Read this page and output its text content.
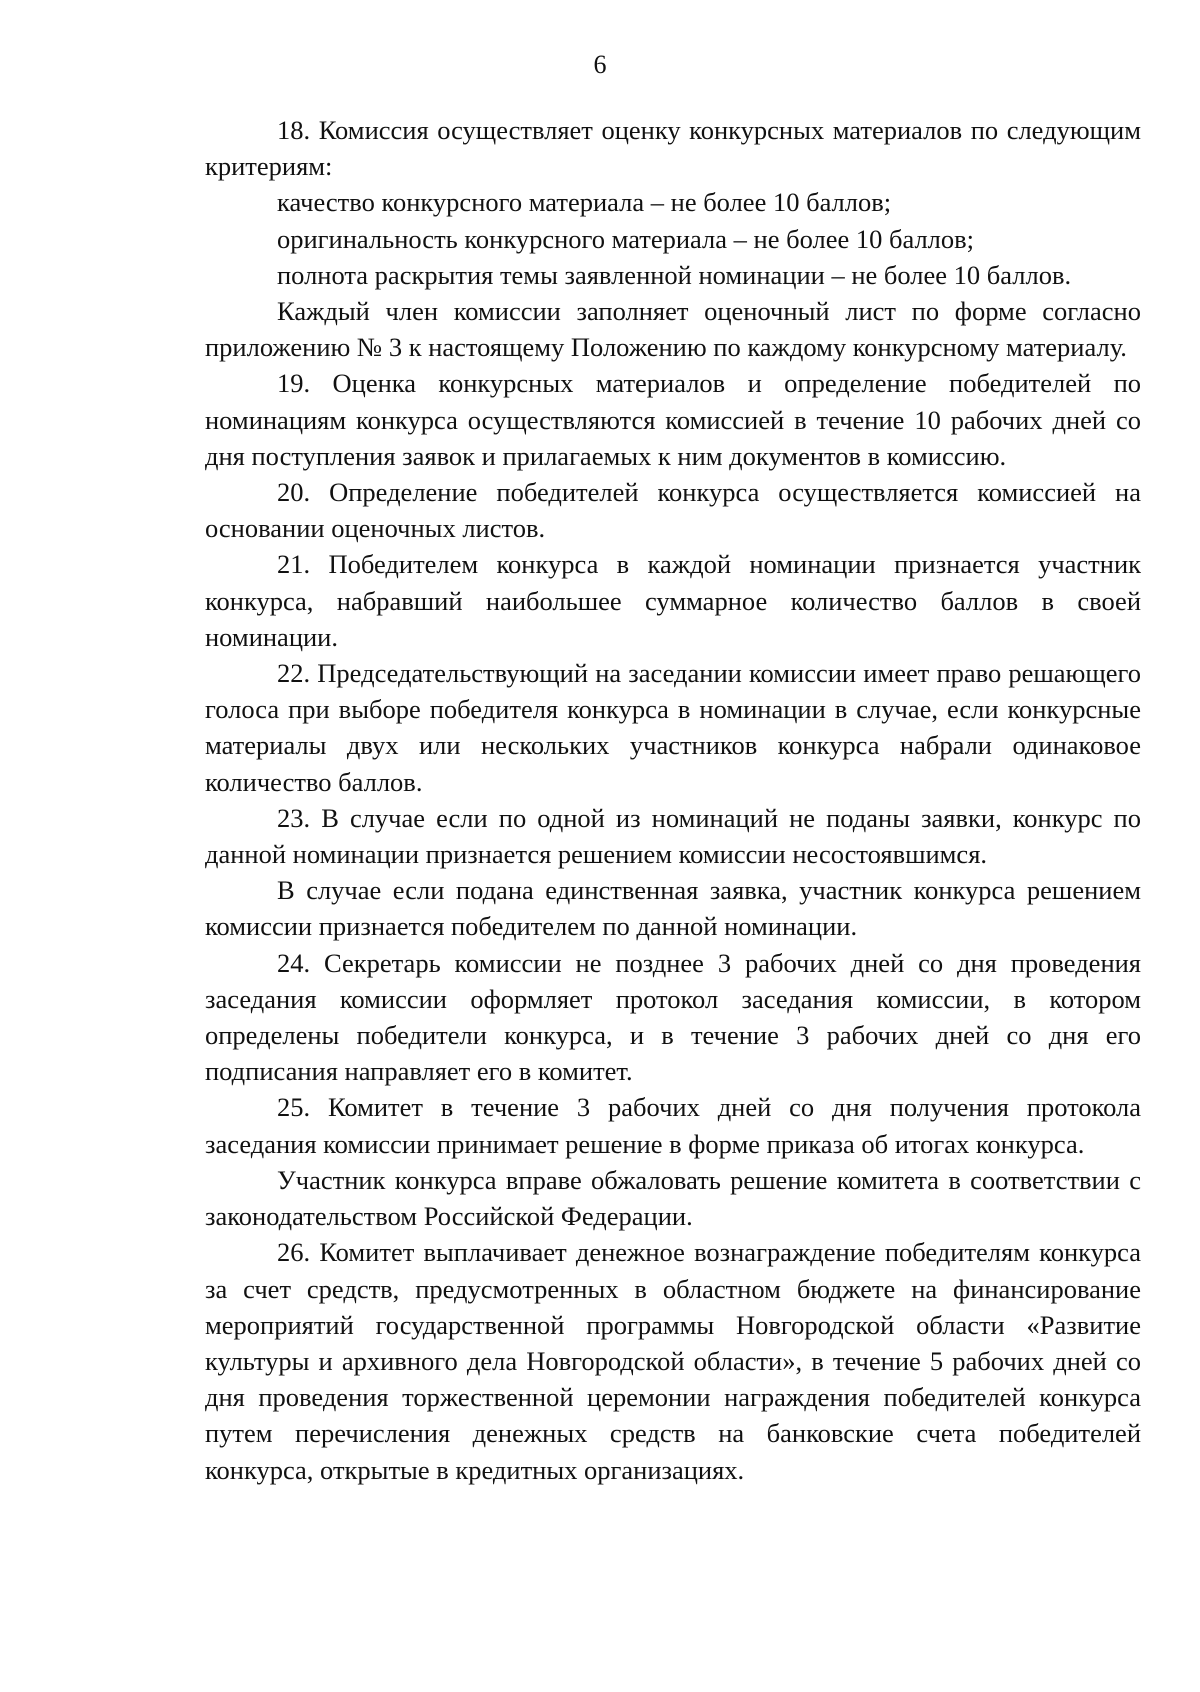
6

18. Комиссия осуществляет оценку конкурсных материалов по следующим критериям:

качество конкурсного материала – не более 10 баллов;

оригинальность конкурсного материала – не более 10 баллов;

полнота раскрытия темы заявленной номинации – не более 10 баллов.

Каждый член комиссии заполняет оценочный лист по форме согласно приложению № 3 к настоящему Положению по каждому конкурсному материалу.

19. Оценка конкурсных материалов и определение победителей по номинациям конкурса осуществляются комиссией в течение 10 рабочих дней со дня поступления заявок и прилагаемых к ним документов в комиссию.

20. Определение победителей конкурса осуществляется комиссией на основании оценочных листов.

21. Победителем конкурса в каждой номинации признается участник конкурса, набравший наибольшее суммарное количество баллов в своей номинации.

22. Председательствующий на заседании комиссии имеет право решающего голоса при выборе победителя конкурса в номинации в случае, если конкурсные материалы двух или нескольких участников конкурса набрали одинаковое количество баллов.

23. В случае если по одной из номинаций не поданы заявки, конкурс по данной номинации признается решением комиссии несостоявшимся.

В случае если подана единственная заявка, участник конкурса решением комиссии признается победителем по данной номинации.

24. Секретарь комиссии не позднее 3 рабочих дней со дня проведения заседания комиссии оформляет протокол заседания комиссии, в котором определены победители конкурса, и в течение 3 рабочих дней со дня его подписания направляет его в комитет.

25. Комитет в течение 3 рабочих дней со дня получения протокола заседания комиссии принимает решение в форме приказа об итогах конкурса.

Участник конкурса вправе обжаловать решение комитета в соответствии с законодательством Российской Федерации.

26. Комитет выплачивает денежное вознаграждение победителям конкурса за счет средств, предусмотренных в областном бюджете на финансирование мероприятий государственной программы Новгородской области «Развитие культуры и архивного дела Новгородской области», в течение 5 рабочих дней со дня проведения торжественной церемонии награждения победителей конкурса путем перечисления денежных средств на банковские счета победителей конкурса, открытые в кредитных организациях.
